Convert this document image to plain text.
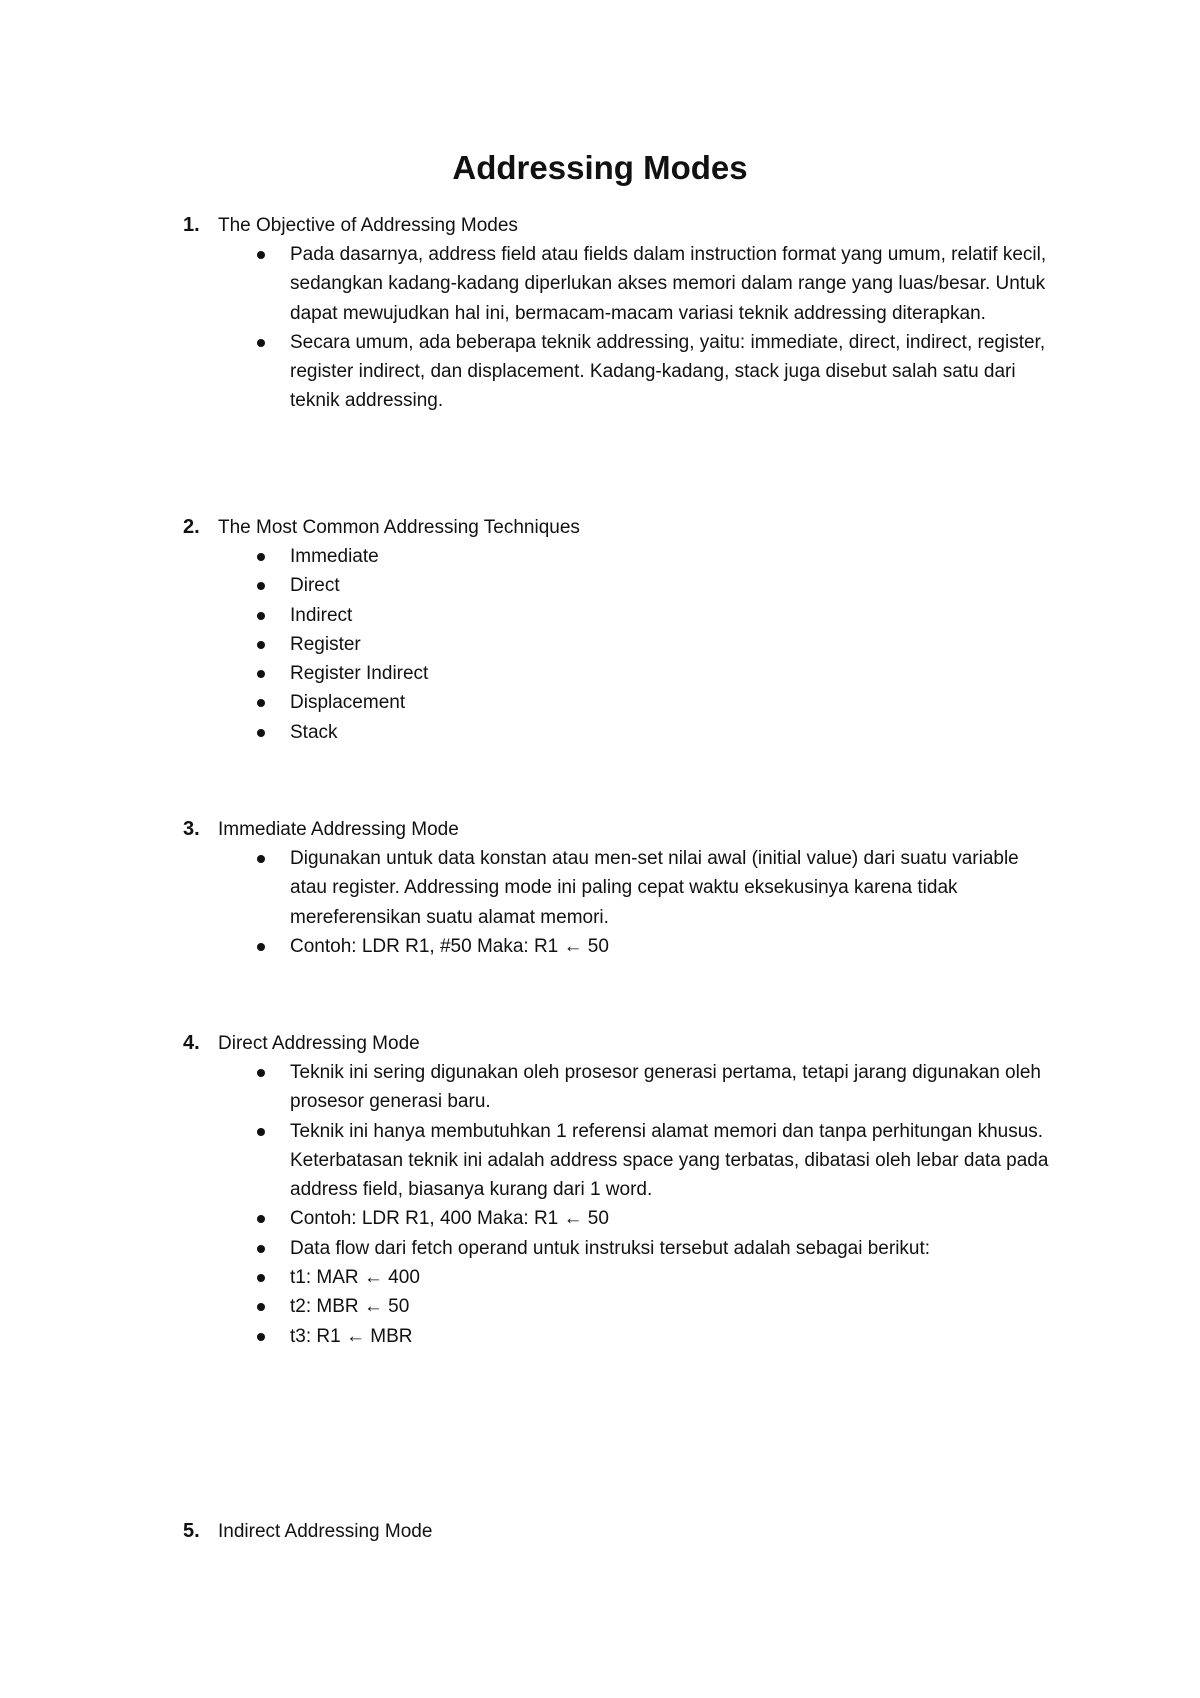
Addressing Modes
1. The Objective of Addressing Modes
Pada dasarnya, address field atau fields dalam instruction format yang umum, relatif kecil, sedangkan kadang-kadang diperlukan akses memori dalam range yang luas/besar. Untuk dapat mewujudkan hal ini, bermacam-macam variasi teknik addressing diterapkan.
Secara umum, ada beberapa teknik addressing, yaitu: immediate, direct, indirect, register, register indirect, dan displacement. Kadang-kadang, stack juga disebut salah satu dari teknik addressing.
2. The Most Common Addressing Techniques
Immediate
Direct
Indirect
Register
Register Indirect
Displacement
Stack
3. Immediate Addressing Mode
Digunakan untuk data konstan atau men-set nilai awal (initial value) dari suatu variable atau register. Addressing mode ini paling cepat waktu eksekusinya karena tidak mereferensikan suatu alamat memori.
Contoh: LDR R1, #50 Maka: R1 ← 50
4. Direct Addressing Mode
Teknik ini sering digunakan oleh prosesor generasi pertama, tetapi jarang digunakan oleh prosesor generasi baru.
Teknik ini hanya membutuhkan 1 referensi alamat memori dan tanpa perhitungan khusus. Keterbatasan teknik ini adalah address space yang terbatas, dibatasi oleh lebar data pada address field, biasanya kurang dari 1 word.
Contoh: LDR R1, 400 Maka: R1 ← 50
Data flow dari fetch operand untuk instruksi tersebut adalah sebagai berikut:
t1: MAR ← 400
t2: MBR ← 50
t3: R1 ← MBR
5. Indirect Addressing Mode
